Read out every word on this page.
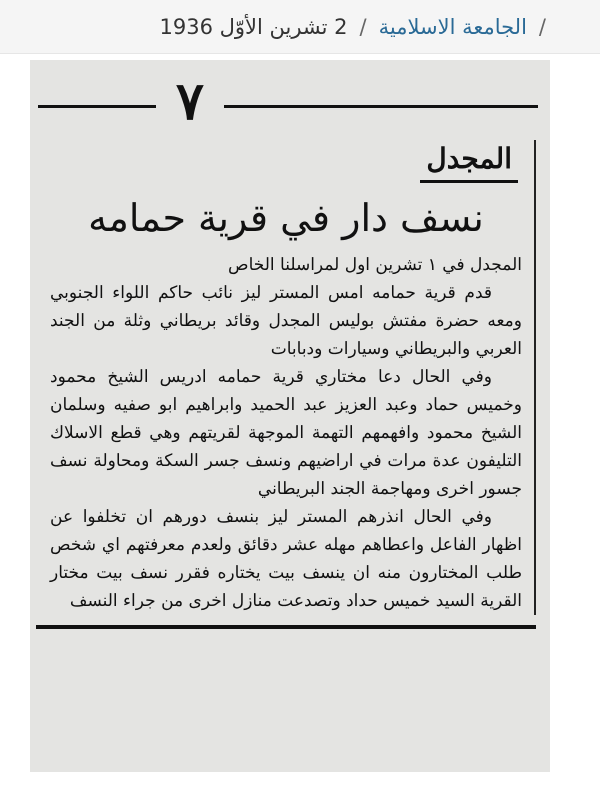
/
الجامعة الاسلامية
/
2 تشرين الأوّل 1936
٧
المجدل
نسف دار في قرية حمامه

المجدل في ١ تشرين اول لمراسلنا الخاص

قدم قرية حمامه امس المستر ليز نائب حاكم اللواء الجنوبي ومعه حضرة مفتش بوليس المجدل وقائد بريطاني وثلة من الجند العربي والبريطاني وسيارات ودبابات

وفي الحال دعا مختاري قرية حمامه ادريس الشيخ محمود وخميس حماد وعبد العزيز عبد الحميد وابراهيم ابو صفيه وسلمان الشيخ محمود وافهمهم التهمة الموجهة لقريتهم وهي قطع الاسلاك التليفون عدة مرات في اراضيهم ونسف جسر السكة ومحاولة نسف جسور اخرى ومهاجمة الجند البريطاني

وفي الحال انذرهم المستر ليز بنسف دورهم ان تخلفوا عن اظهار الفاعل واعطاهم مهله عشر دقائق ولعدم معرفتهم اي شخص طلب المختارون منه ان ينسف بيت يختاره فقرر نسف بيت مختار القرية السيد خميس حداد وتصدعت منازل اخرى من جراء النسف
